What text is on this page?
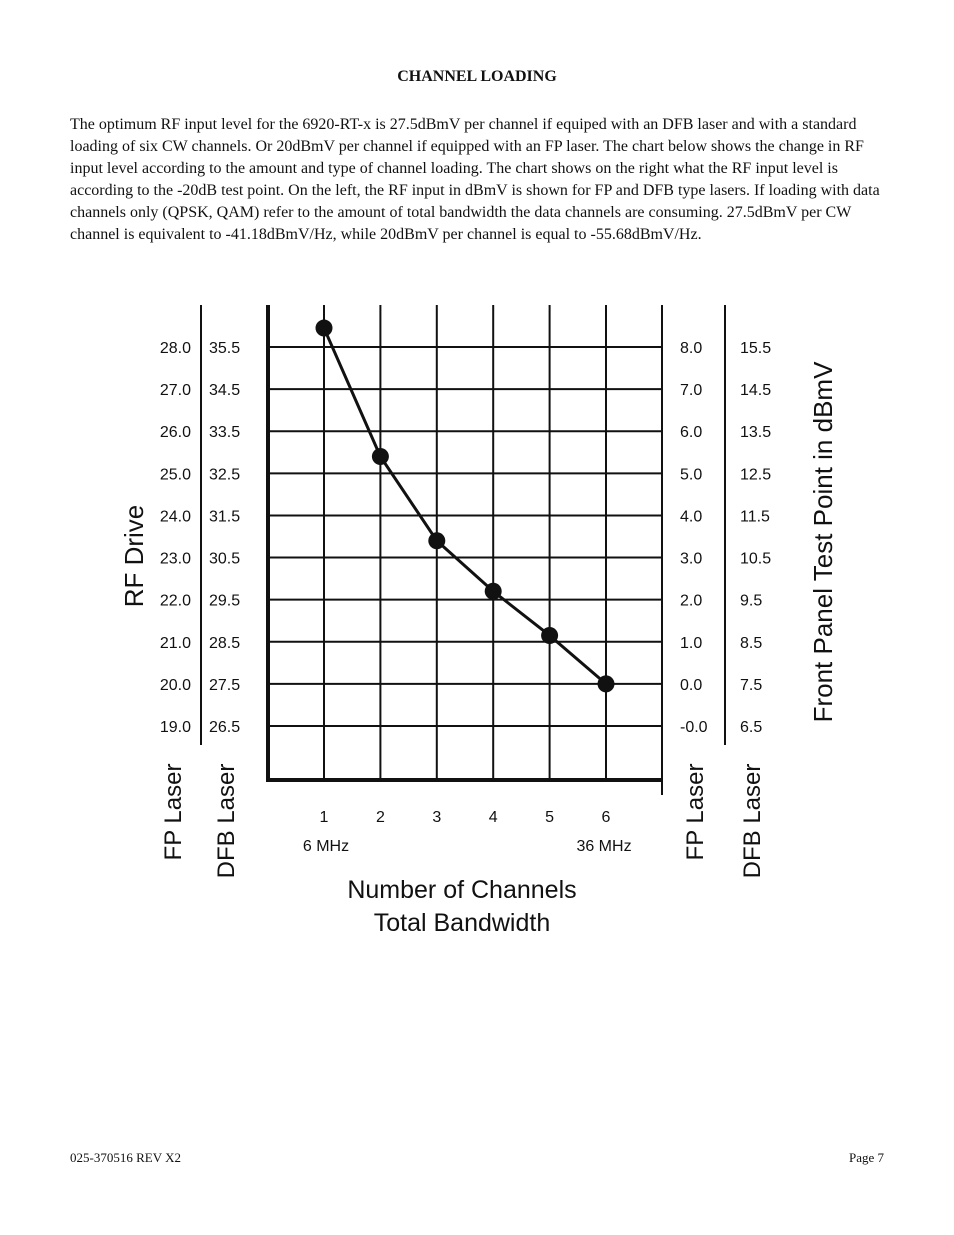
CHANNEL LOADING
The optimum RF input level for the 6920-RT-x is 27.5dBmV per channel if equiped with an DFB laser and with a standard loading of six CW channels. Or 20dBmV per channel if equipped with an FP laser. The chart below shows the change in RF input level according to the amount and type of channel loading. The chart shows on the right what the RF input level is according to the -20dB test point. On the left, the RF input in dBmV is shown for FP and DFB type lasers. If loading with data channels only (QPSK, QAM) refer to the amount of total bandwidth the data channels are consuming. 27.5dBmV per CW channel is equivalent to -41.18dBmV/Hz, while 20dBmV per channel is equal to -55.68dBmV/Hz.
28.0
27.0
26.0
25.0
24.0
23.0
22.0
21.0
20.0
19.0
35.5
34.5
33.5
32.5
31.5
30.5
29.5
28.5
27.5
26.5
8.0
7.0
6.0
5.0
4.0
3.0
2.0
1.0
0.0
-0.0
15.5
14.5
13.5
12.5
11.5
10.5
9.5
8.5
7.5
6.5
1	2	3	4	5	6
RF Drive
FP Laser DFB Laser	FP Laser DFB Laser
Front Panel Test Point in dBmV
6 MHz	36 MHz
Number of Channels
Total Bandwidth
025-370516 REV X2	Page 7
